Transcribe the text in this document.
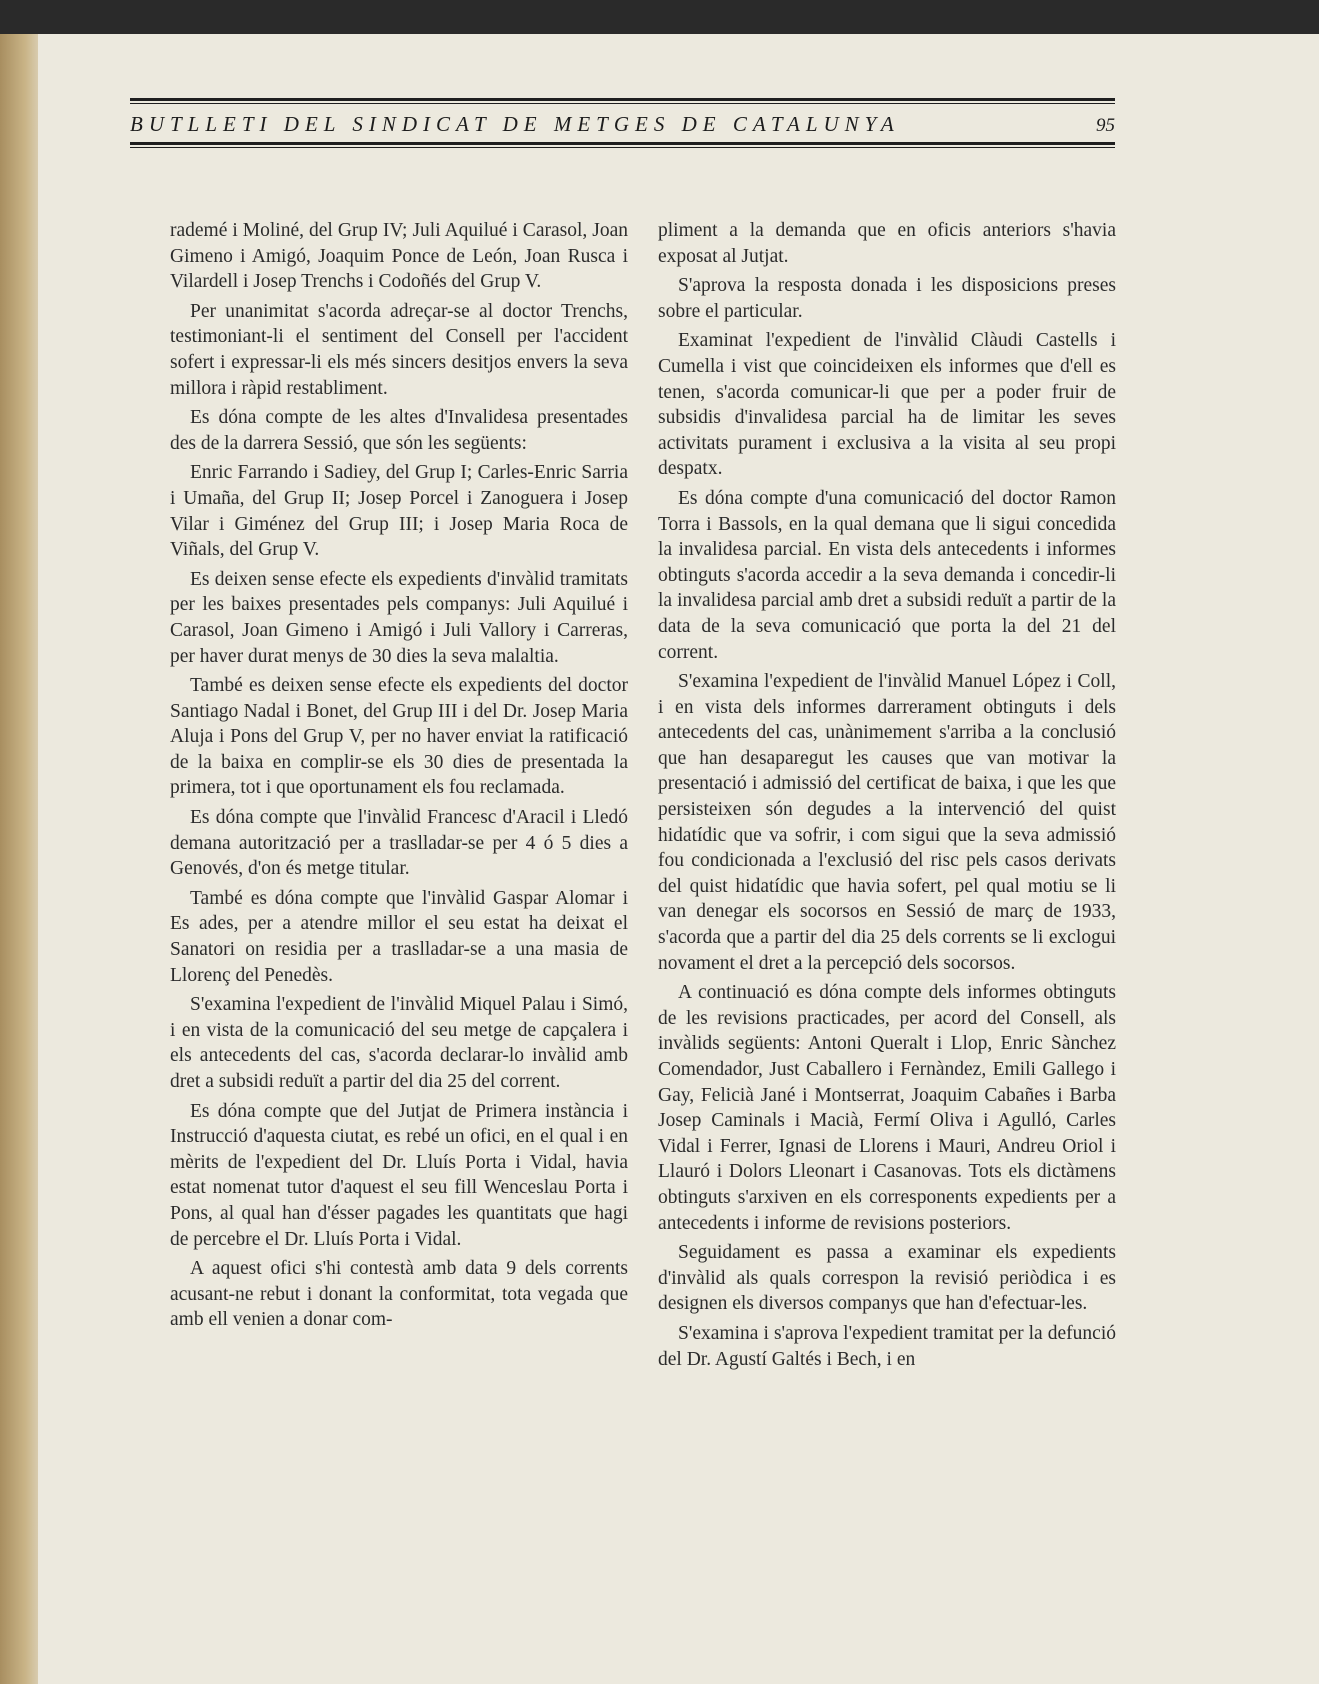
BUTLLETI DEL SINDICAT DE METGES DE CATALUNYA	95

rademé i Moliné, del Grup IV; Juli Aquilué i Carasol, Joan Gimeno i Amigó, Joaquim Ponce de León, Joan Rusca i Vilardell i Josep Trenchs i Codoñés del Grup V.

Per unanimitat s'acorda adreçar-se al doctor Trenchs, testimoniant-li el sentiment del Consell per l'accident sofert i expressar-li els més sincers desitjos envers la seva millora i ràpid restabliment.

Es dóna compte de les altes d'Invalidesa presentades des de la darrera Sessió, que són les següents:

Enric Farrando i Sadiey, del Grup I; Carles-Enric Sarria i Umaña, del Grup II; Josep Porcel i Zanoguera i Josep Vilar i Giménez del Grup III; i Josep Maria Roca de Viñals, del Grup V.

Es deixen sense efecte els expedients d'invàlid tramitats per les baixes presentades pels companys: Juli Aquilué i Carasol, Joan Gimeno i Amigó i Juli Vallory i Carreras, per haver durat menys de 30 dies la seva malaltia.

També es deixen sense efecte els expedients del doctor Santiago Nadal i Bonet, del Grup III i del Dr. Josep Maria Aluja i Pons del Grup V, per no haver enviat la ratificació de la baixa en complir-se els 30 dies de presentada la primera, tot i que oportunament els fou reclamada.

Es dóna compte que l'invàlid Francesc d'Aracil i Lledó demana autorització per a traslladar-se per 4 ó 5 dies a Genovés, d'on és metge titular.

També es dóna compte que l'invàlid Gaspar Alomar i Es ades, per a atendre millor el seu estat ha deixat el Sanatori on residia per a traslladar-se a una masia de Llorenç del Penedès.

S'examina l'expedient de l'invàlid Miquel Palau i Simó, i en vista de la comunicació del seu metge de capçalera i els antecedents del cas, s'acorda declarar-lo invàlid amb dret a subsidi reduït a partir del dia 25 del corrent.

Es dóna compte que del Jutjat de Primera instància i Instrucció d'aquesta ciutat, es rebé un ofici, en el qual i en mèrits de l'expedient del Dr. Lluís Porta i Vidal, havia estat nomenat tutor d'aquest el seu fill Wenceslau Porta i Pons, al qual han d'ésser pagades les quantitats que hagi de percebre el Dr. Lluís Porta i Vidal.

A aquest ofici s'hi contestà amb data 9 dels corrents acusant-ne rebut i donant la conformitat, tota vegada que amb ell venien a donar com-

pliment a la demanda que en oficis anteriors s'havia exposat al Jutjat.

S'aprova la resposta donada i les disposicions preses sobre el particular.

Examinat l'expedient de l'invàlid Clàudi Castells i Cumella i vist que coincideixen els informes que d'ell es tenen, s'acorda comunicar-li que per a poder fruir de subsidis d'invalidesa parcial ha de limitar les seves activitats purament i exclusiva a la visita al seu propi despatx.

Es dóna compte d'una comunicació del doctor Ramon Torra i Bassols, en la qual demana que li sigui concedida la invalidesa parcial. En vista dels antecedents i informes obtinguts s'acorda accedir a la seva demanda i concedir-li la invalidesa parcial amb dret a subsidi reduït a partir de la data de la seva comunicació que porta la del 21 del corrent.

S'examina l'expedient de l'invàlid Manuel López i Coll, i en vista dels informes darrerament obtinguts i dels antecedents del cas, unànimement s'arriba a la conclusió que han desaparegut les causes que van motivar la presentació i admissió del certificat de baixa, i que les que persisteixen són degudes a la intervenció del quist hidatídic que va sofrir, i com sigui que la seva admissió fou condicionada a l'exclusió del risc pels casos derivats del quist hidatídic que havia sofert, pel qual motiu se li van denegar els socorsos en Sessió de març de 1933, s'acorda que a partir del dia 25 dels corrents se li exclogui novament el dret a la percepció dels socorsos.

A continuació es dóna compte dels informes obtinguts de les revisions practicades, per acord del Consell, als invàlids següents: Antoni Queralt i Llop, Enric Sànchez Comendador, Just Caballero i Fernàndez, Emili Gallego i Gay, Felicià Jané i Montserrat, Joaquim Cabañes i Barba Josep Caminals i Macià, Fermí Oliva i Agulló, Carles Vidal i Ferrer, Ignasi de Llorens i Mauri, Andreu Oriol i Llauró i Dolors Lleonart i Casanovas. Tots els dictàmens obtinguts s'arxiven en els corresponents expedients per a antecedents i informe de revisions posteriors.

Seguidament es passa a examinar els expedients d'invàlid als quals correspon la revisió periòdica i es designen els diversos companys que han d'efectuar-les.

S'examina i s'aprova l'expedient tramitat per la defunció del Dr. Agustí Galtés i Bech, i en
